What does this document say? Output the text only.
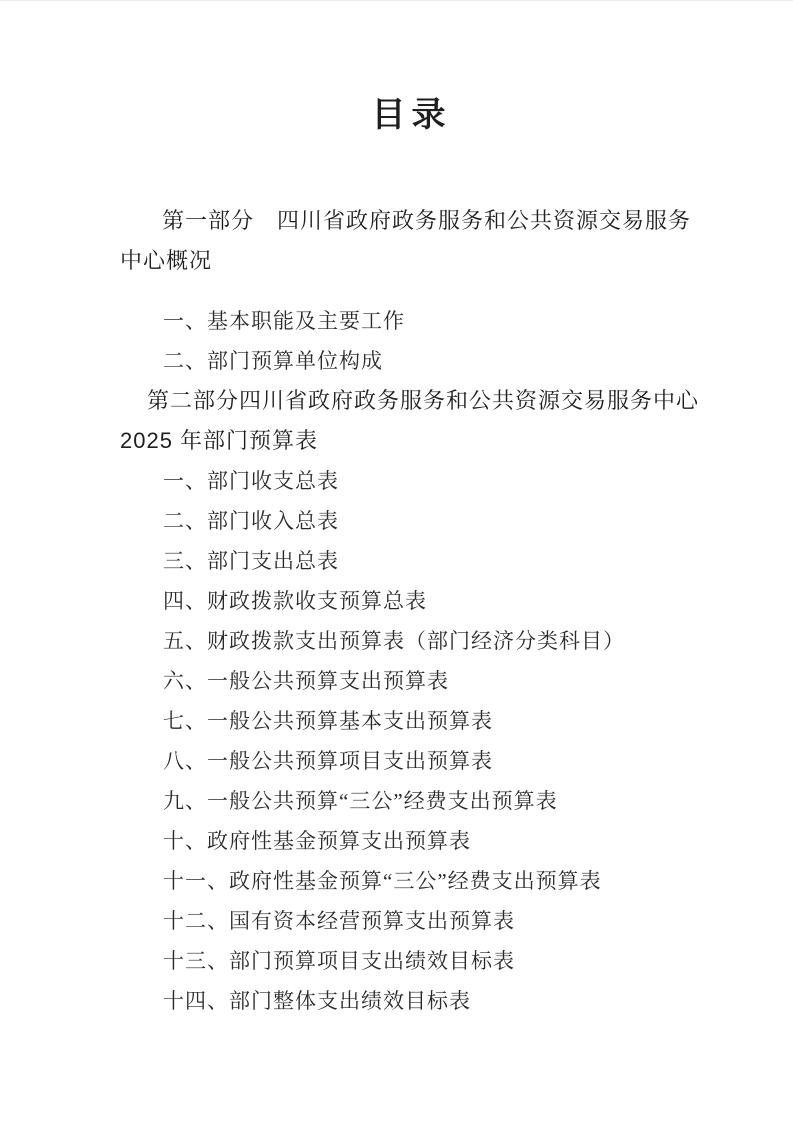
目录
第一部分　四川省政府政务服务和公共资源交易服务
中心概况
一、基本职能及主要工作
二、部门预算单位构成
第二部分四川省政府政务服务和公共资源交易服务中心
2025 年部门预算表
一、部门收支总表
二、部门收入总表
三、部门支出总表
四、财政拨款收支预算总表
五、财政拨款支出预算表（部门经济分类科目）
六、一般公共预算支出预算表
七、一般公共预算基本支出预算表
八、一般公共预算项目支出预算表
九、一般公共预算“三公”经费支出预算表
十、政府性基金预算支出预算表
十一、政府性基金预算“三公”经费支出预算表
十二、国有资本经营预算支出预算表
十三、部门预算项目支出绩效目标表
十四、部门整体支出绩效目标表
